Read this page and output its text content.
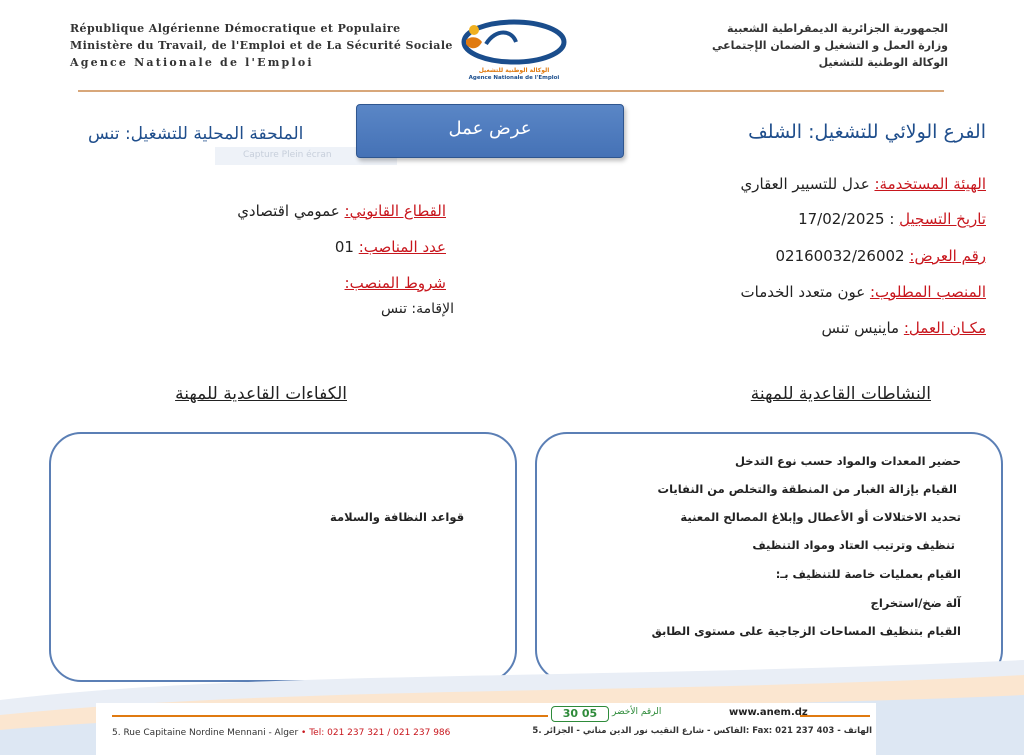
République Algérienne Démocratique et Populaire
Ministère du Travail, de l'Emploi et de La Sécurité Sociale
Agence Nationale de l'Emploi
الجمهورية الجزائرية الديمقراطية الشعبية
وزارة العمل و التشغيل و الضمان الإجتماعي
الوكالة الوطنية للتشغيل
الوكالة الوطنية للتشغيل
Agence Nationale de l'Emploi
Capture Plein écran
عرض عمل	الفرع الولائي للتشغيل: الشلف
الملحقة المحلية للتشغيل: تنس
الهيئة المستخدمة: عدل للتسيير العقاري
تاريخ التسجيل : 17/02/2025
رقم العرض: 02160032/26002
المنصب المطلوب: عون متعدد الخدمات
مكـان العمل: ماينيس تنس
القطاع القانوني: عمومي اقتصادي
عدد المناصب: 01
شروط المنصب:
الإقامة: تنس
النشاطات القاعدية للمهنة
الكفاءات القاعدية للمهنة
حضير المعدات والمواد حسب نوع التدخل
القيام بإزالة الغبار من المنطقة والتخلص من النفايات
تحديد الاختلالات أو الأعطال وإبلاغ المصالح المعنية
تنظيف وترتيب العتاد ومواد التنظيف
القيام بعمليات خاصة للتنظيف بـ:
آلة ضخ/استخراج
القيام بتنظيف المساحات الزجاجية على مستوى الطابق
قواعد النظافة والسلامة
30 05	الرقم الأخضر	www.anem.dz
5. Rue Capitaine Nordine Mennani - Alger • Tel: 021 237 321 / 021 237 986	الهاتف - Fax: 021 237 403 :الفاكس - شارع النقيب نور الدين مناني - الجزائر .5
